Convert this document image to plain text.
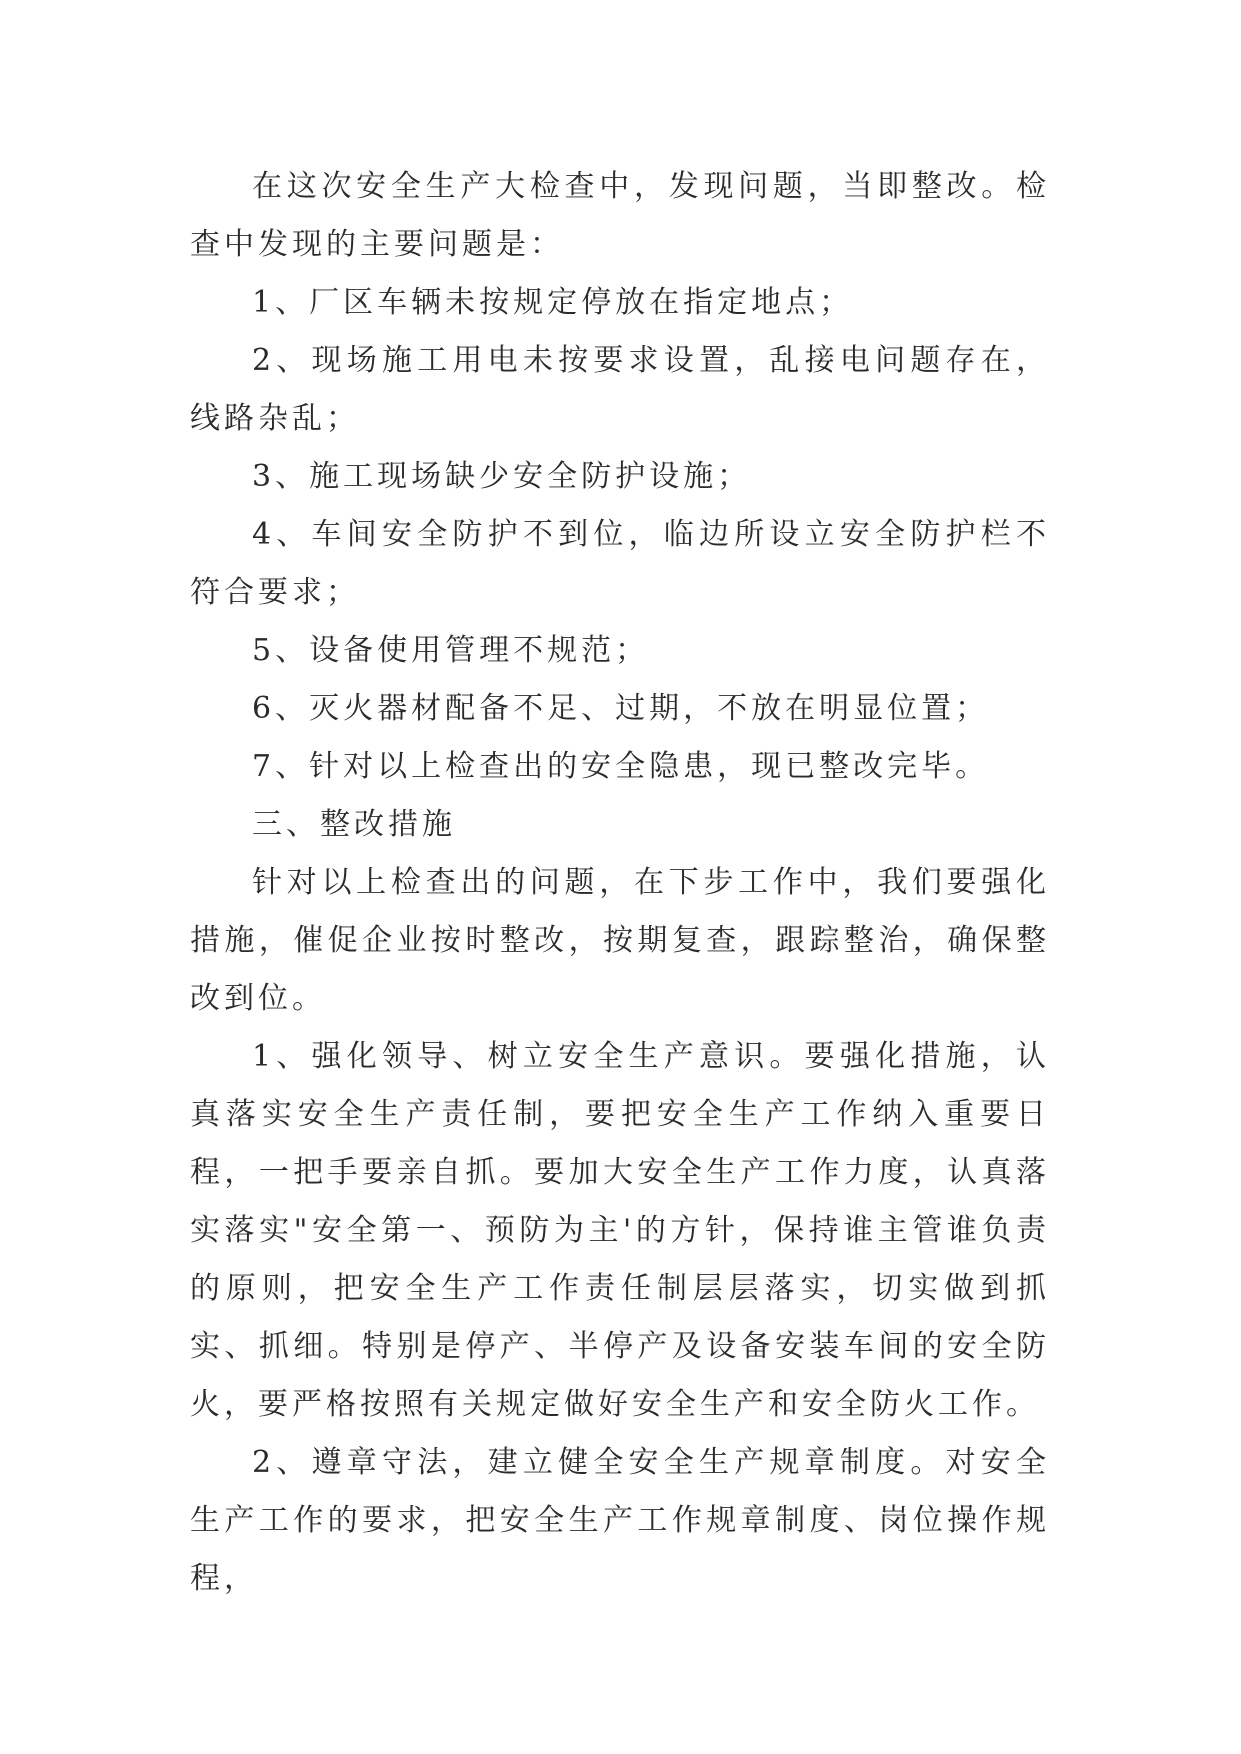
在这次安全生产大检查中，发现问题，当即整改。检查中发现的主要问题是：

1、厂区车辆未按规定停放在指定地点；

2、现场施工用电未按要求设置，乱接电问题存在，线路杂乱；

3、施工现场缺少安全防护设施；

4、车间安全防护不到位，临边所设立安全防护栏不符合要求；

5、设备使用管理不规范；

6、灭火器材配备不足、过期，不放在明显位置；

7、针对以上检查出的安全隐患，现已整改完毕。

三、整改措施

针对以上检查出的问题，在下步工作中，我们要强化措施，催促企业按时整改，按期复查，跟踪整治，确保整改到位。

1、强化领导、树立安全生产意识。要强化措施，认真落实安全生产责任制，要把安全生产工作纳入重要日程，一把手要亲自抓。要加大安全生产工作力度，认真落实落实"安全第一、预防为主'的方针，保持谁主管谁负责的原则，把安全生产工作责任制层层落实，切实做到抓实、抓细。特别是停产、半停产及设备安装车间的安全防火，要严格按照有关规定做好安全生产和安全防火工作。

2、遵章守法，建立健全安全生产规章制度。对安全生产工作的要求，把安全生产工作规章制度、岗位操作规程，
